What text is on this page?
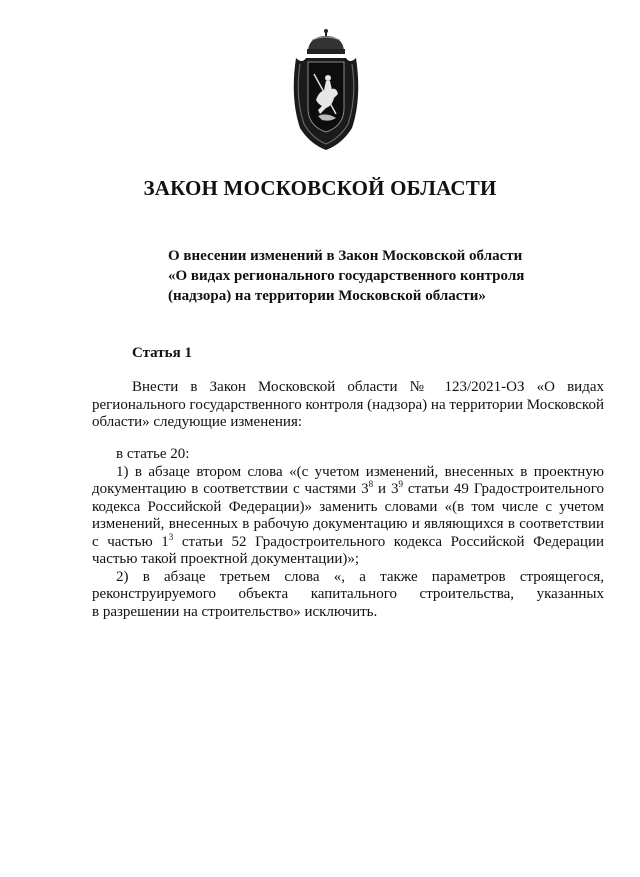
ЗАКОН МОСКОВСКОЙ ОБЛАСТИ
О внесении изменений в Закон Московской области
«О видах регионального государственного контроля
(надзора) на территории Московской области»
Статья 1
Внести в Закон Московской области № 123/2021-ОЗ «О видах
регионального государственного контроля (надзора) на территории Московской
области» следующие изменения:
в статье 20:
1) в абзаце втором слова «(с учетом изменений, внесенных в проектную
документацию в соответствии с частями $3^8$ и $3^9$ статьи 49 Градостроительного
кодекса Российской Федерации)» заменить словами «(в том числе с учетом
изменений, внесенных в рабочую документацию и являющихся в соответствии
с частью $1^3$ статьи 52 Градостроительного кодекса Российской Федерации
частью такой проектной документации)»;
2) в абзаце третьем слова «, а также параметров строящегося,
реконструируемого объекта капитального строительства, указанных
в разрешении на строительство» исключить.
